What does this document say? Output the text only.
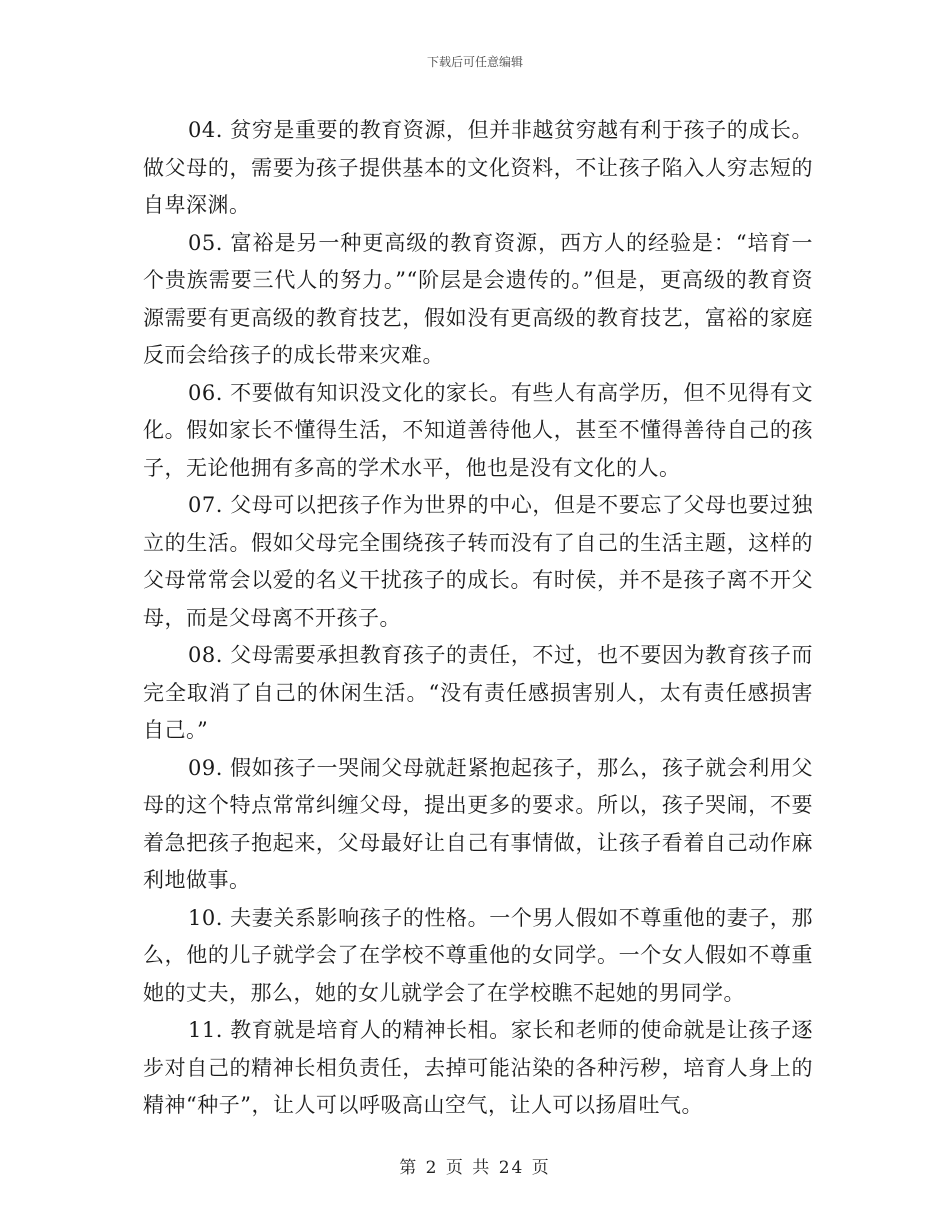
下载后可任意编辑

04. 贫穷是重要的教育资源，但并非越贫穷越有利于孩子的成长。做父母的，需要为孩子提供基本的文化资料，不让孩子陷入人穷志短的自卑深渊。

05. 富裕是另一种更高级的教育资源，西方人的经验是：“培育一个贵族需要三代人的努力。”“阶层是会遗传的。”但是，更高级的教育资源需要有更高级的教育技艺，假如没有更高级的教育技艺，富裕的家庭反而会给孩子的成长带来灾难。

06. 不要做有知识没文化的家长。有些人有高学历，但不见得有文化。假如家长不懂得生活，不知道善待他人，甚至不懂得善待自己的孩子，无论他拥有多高的学术水平，他也是没有文化的人。

07. 父母可以把孩子作为世界的中心，但是不要忘了父母也要过独立的生活。假如父母完全围绕孩子转而没有了自己的生活主题，这样的父母常常会以爱的名义干扰孩子的成长。有时侯，并不是孩子离不开父母，而是父母离不开孩子。

08. 父母需要承担教育孩子的责任，不过，也不要因为教育孩子而完全取消了自己的休闲生活。“没有责任感损害别人，太有责任感损害自己。”

09. 假如孩子一哭闹父母就赶紧抱起孩子，那么，孩子就会利用父母的这个特点常常纠缠父母，提出更多的要求。所以，孩子哭闹，不要着急把孩子抱起来，父母最好让自己有事情做，让孩子看着自己动作麻利地做事。

10. 夫妻关系影响孩子的性格。一个男人假如不尊重他的妻子，那么，他的儿子就学会了在学校不尊重他的女同学。一个女人假如不尊重她的丈夫，那么，她的女儿就学会了在学校瞧不起她的男同学。

11. 教育就是培育人的精神长相。家长和老师的使命就是让孩子逐步对自己的精神长相负责任，去掉可能沾染的各种污秽，培育人身上的精神“种子”，让人可以呼吸高山空气，让人可以扬眉吐气。

第 2 页 共 24 页
